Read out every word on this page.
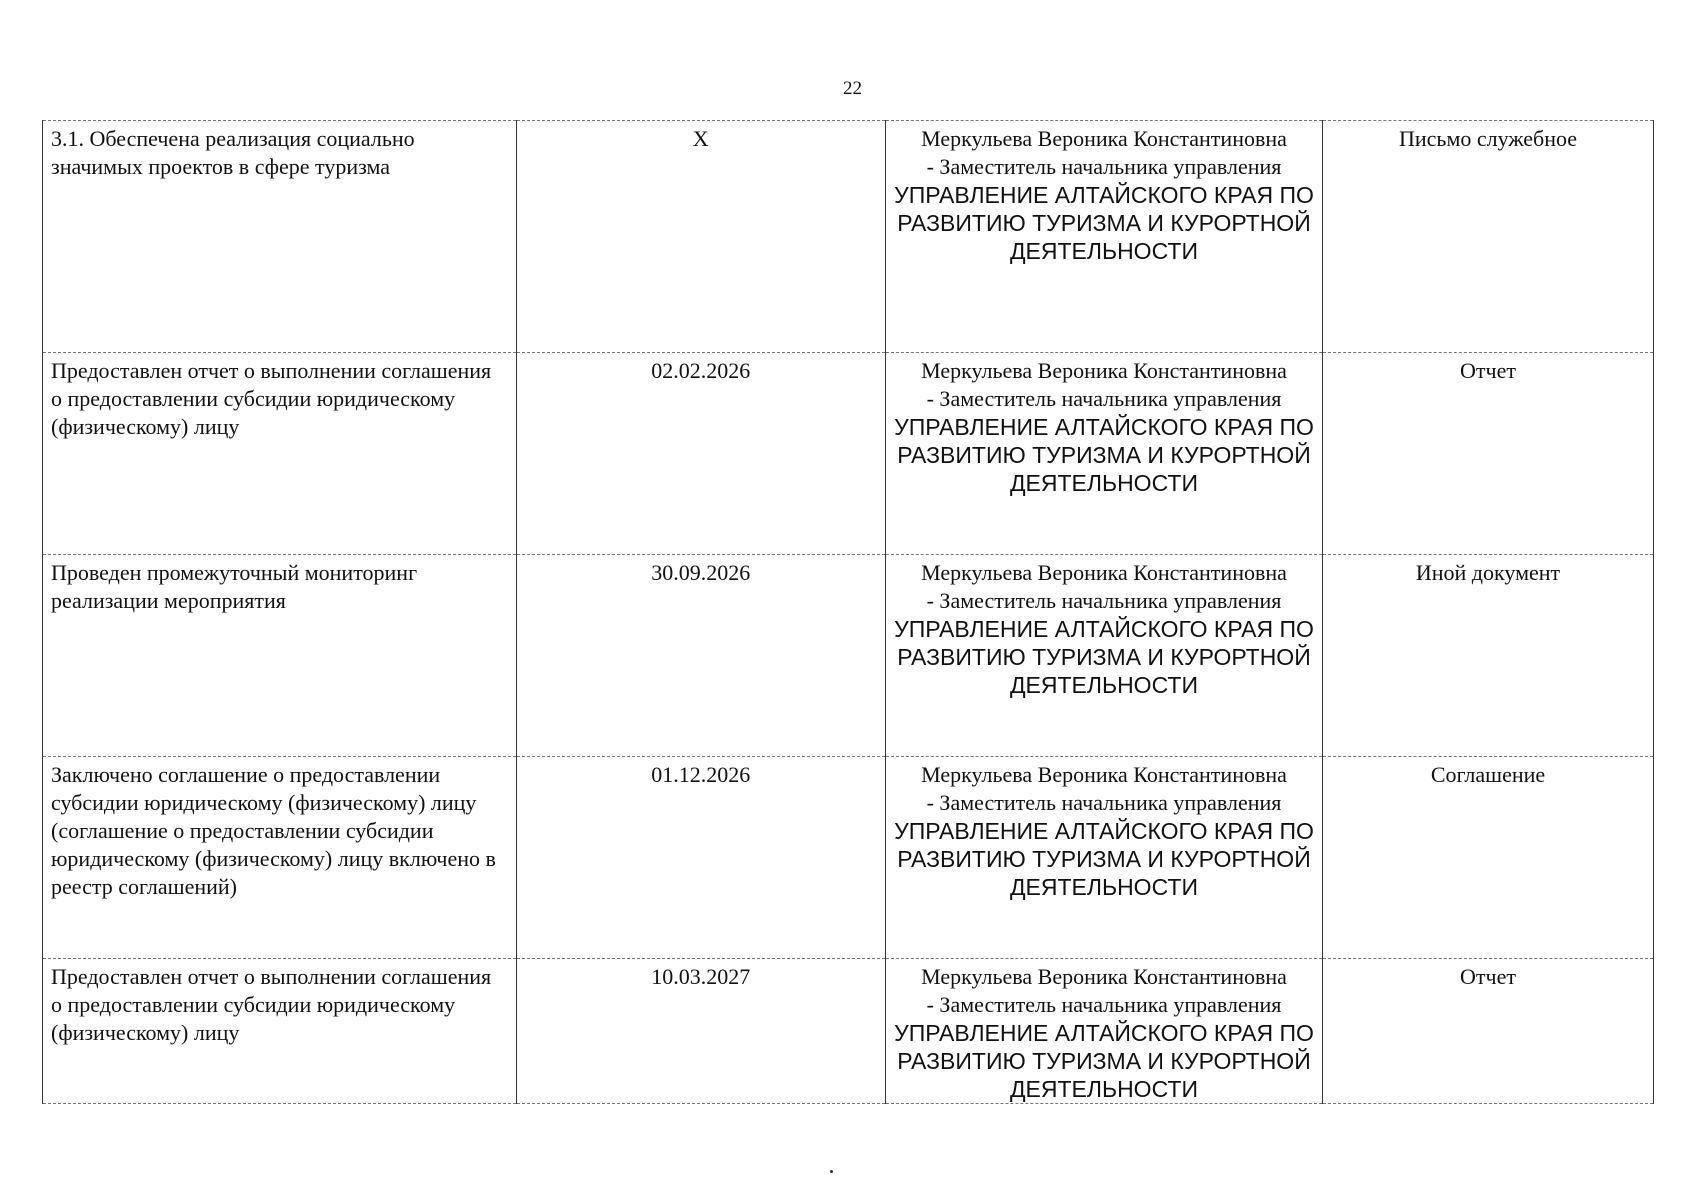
22
3.1. Обеспечена реализация социально значимых проектов в сфере туризма	X	Меркульева Вероника Константиновна
- Заместитель начальника управления
УПРАВЛЕНИЕ АЛТАЙСКОГО КРАЯ ПО РАЗВИТИЮ ТУРИЗМА И КУРОРТНОЙ ДЕЯТЕЛЬНОСТИ	Письмо служебное
Предоставлен отчет о выполнении соглашения о предоставлении субсидии юридическому (физическому) лицу	02.02.2026	Меркульева Вероника Константиновна
- Заместитель начальника управления
УПРАВЛЕНИЕ АЛТАЙСКОГО КРАЯ ПО РАЗВИТИЮ ТУРИЗМА И КУРОРТНОЙ ДЕЯТЕЛЬНОСТИ	Отчет
Проведен промежуточный мониторинг реализации мероприятия	30.09.2026	Меркульева Вероника Константиновна
- Заместитель начальника управления
УПРАВЛЕНИЕ АЛТАЙСКОГО КРАЯ ПО РАЗВИТИЮ ТУРИЗМА И КУРОРТНОЙ ДЕЯТЕЛЬНОСТИ	Иной документ
Заключено соглашение о предоставлении субсидии юридическому (физическому) лицу (соглашение о предоставлении субсидии юридическому (физическому) лицу включено в реестр соглашений)	01.12.2026	Меркульева Вероника Константиновна
- Заместитель начальника управления
УПРАВЛЕНИЕ АЛТАЙСКОГО КРАЯ ПО РАЗВИТИЮ ТУРИЗМА И КУРОРТНОЙ ДЕЯТЕЛЬНОСТИ	Соглашение
Предоставлен отчет о выполнении соглашения о предоставлении субсидии юридическому (физическому) лицу	10.03.2027	Меркульева Вероника Константиновна
- Заместитель начальника управления
УПРАВЛЕНИЕ АЛТАЙСКОГО КРАЯ ПО РАЗВИТИЮ ТУРИЗМА И КУРОРТНОЙ ДЕЯТЕЛЬНОСТИ	Отчет
